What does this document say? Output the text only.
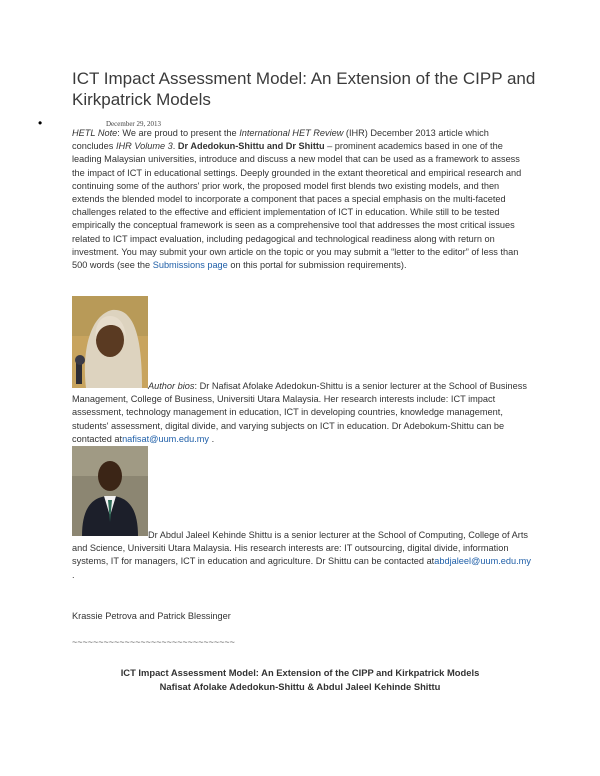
ICT Impact Assessment Model: An Extension of the CIPP and Kirkpatrick Models
•	December 29, 2013

HETL Note: We are proud to present the International HET Review (IHR) December 2013 article which concludes IHR Volume 3. Dr Adedokun-Shittu and Dr Shittu – prominent academics based in one of the leading Malaysian universities, introduce and discuss a new model that can be used as a framework to assess the impact of ICT in educational settings. Deeply grounded in the extant theoretical and empirical research and continuing some of the authors' prior work, the proposed model first blends two existing models, and then extends the blended model to incorporate a component that paces a special emphasis on the multi-faceted challenges related to the effective and efficient implementation of ICT in education. While still to be tested empirically the conceptual framework is seen as a comprehensive tool that addresses the most critical issues related to ICT impact evaluation, including pedagogical and technological readiness along with return on investment. You may submit your own article on the topic or you may submit a “letter to the editor” of less than 500 words (see the Submissions page on this portal for submission requirements).

Author bios: Dr Nafisat Afolake Adedokun-Shittu is a senior lecturer at the School of Business Management, College of Business, Universiti Utara Malaysia. Her research interests include: ICT impact assessment, technology management in education, ICT in developing countries, knowledge management, students' assessment, digital divide, and varying subjects on ICT in education. Dr Adebokum-Shittu can be contacted atnafisat@uum.edu.my .
Dr Abdul Jaleel Kehinde Shittu is a senior lecturer at the School of Computing, College of Arts and Science, Universiti Utara Malaysia. His research interests are: IT outsourcing, digital divide, information systems, IT for managers, ICT in education and agriculture. Dr Shittu can be contacted atabdjaleel@uum.edu.my .
Krassie Petrova and Patrick Blessinger
~~~~~~~~~~~~~~~~~~~~~~~~~~~~~~~
ICT Impact Assessment Model: An Extension of the CIPP and Kirkpatrick Models
Nafisat Afolake Adedokun-Shittu & Abdul Jaleel Kehinde Shittu
